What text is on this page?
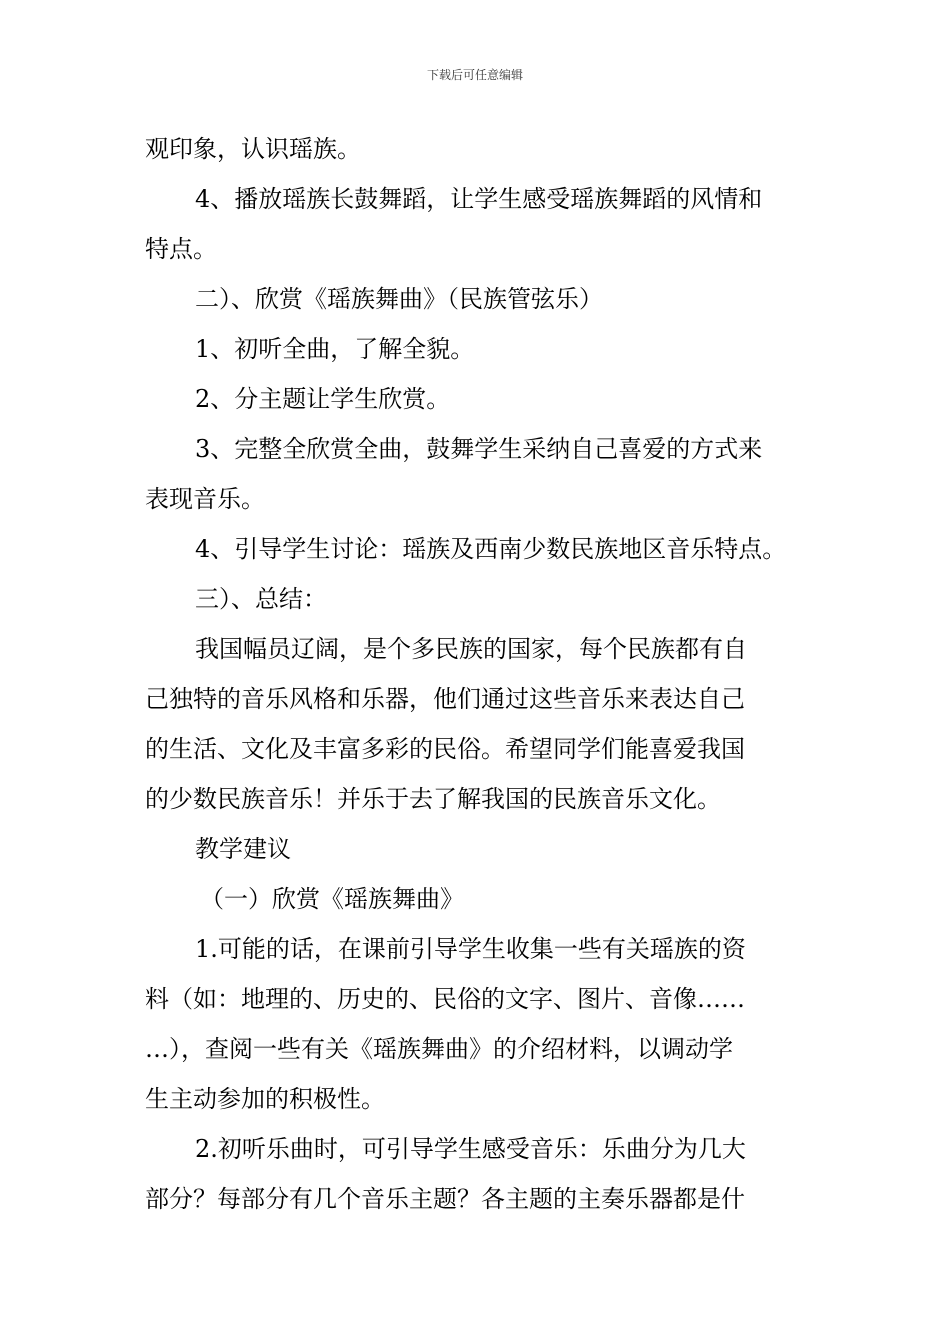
下载后可任意编辑
观印象，认识瑶族。
4、播放瑶族长鼓舞蹈，让学生感受瑶族舞蹈的风情和
特点。
二）、欣赏《瑶族舞曲》（民族管弦乐）
1、初听全曲，了解全貌。
2、分主题让学生欣赏。
3、完整全欣赏全曲，鼓舞学生采纳自己喜爱的方式来
表现音乐。
4、引导学生讨论：瑶族及西南少数民族地区音乐特点。
三）、总结：
我国幅员辽阔，是个多民族的国家，每个民族都有自
己独特的音乐风格和乐器，他们通过这些音乐来表达自己
的生活、文化及丰富多彩的民俗。希望同学们能喜爱我国
的少数民族音乐！并乐于去了解我国的民族音乐文化。
教学建议
（一）欣赏《瑶族舞曲》
1.可能的话，在课前引导学生收集一些有关瑶族的资
料（如：地理的、历史的、民俗的文字、图片、音像……
…），查阅一些有关《瑶族舞曲》的介绍材料，以调动学
生主动参加的积极性。
2.初听乐曲时，可引导学生感受音乐：乐曲分为几大
部分？每部分有几个音乐主题？各主题的主奏乐器都是什
